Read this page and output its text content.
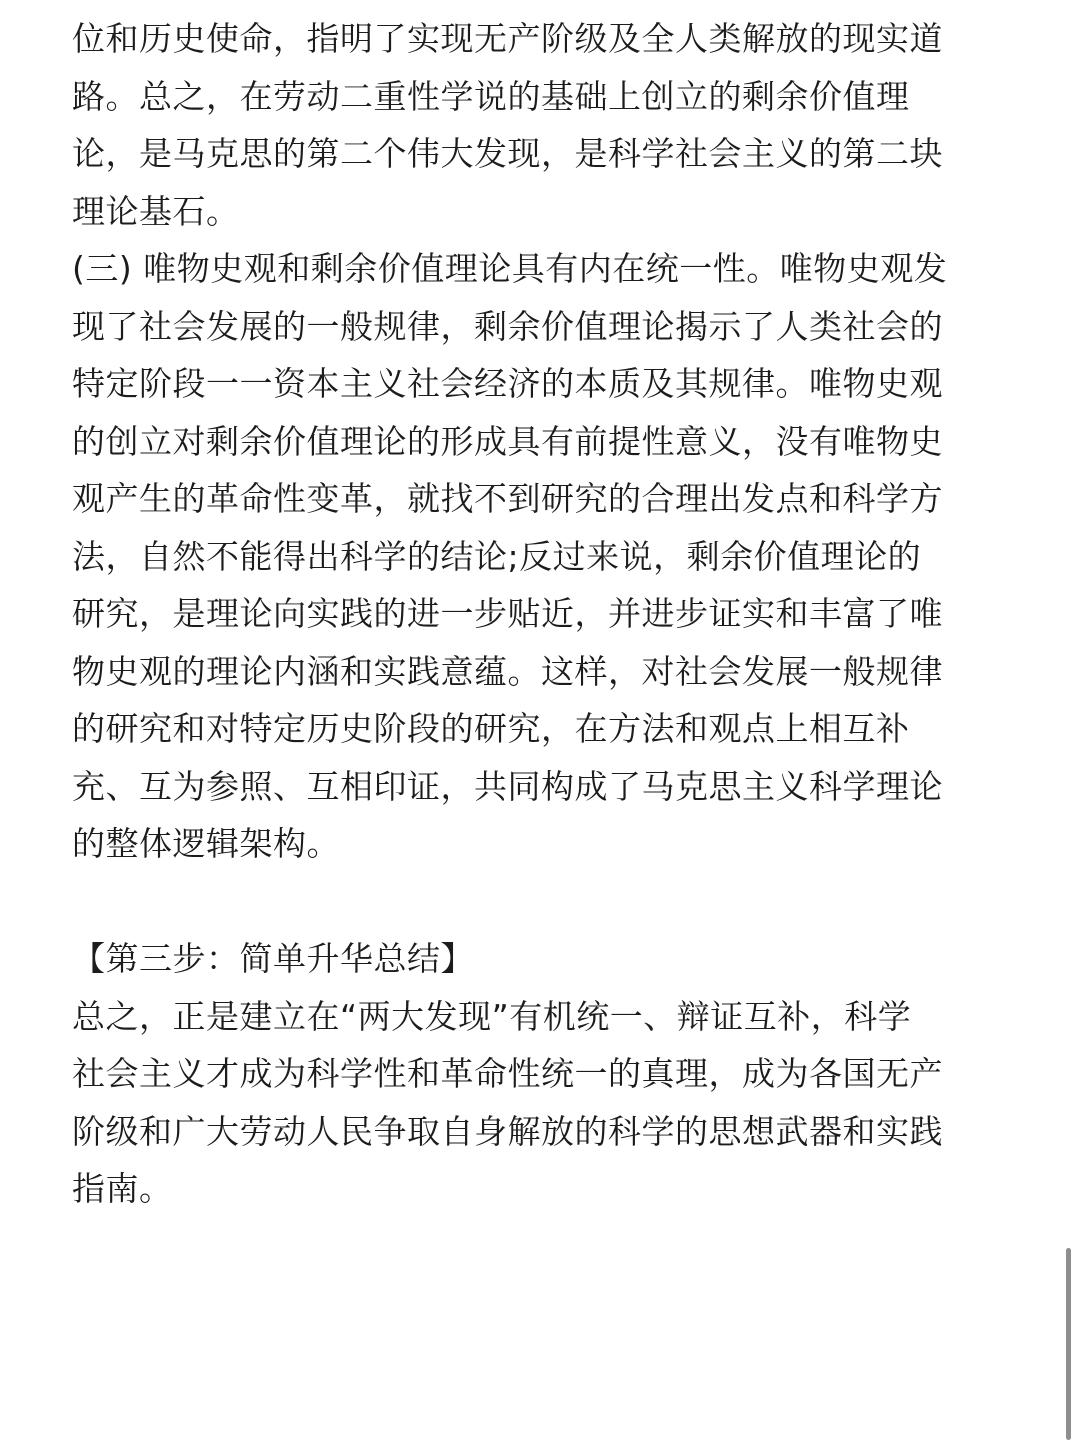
位和历史使命，指明了实现无产阶级及全人类解放的现实道
路。总之，在劳动二重性学说的基础上创立的剩余价值理
论，是马克思的第二个伟大发现，是科学社会主义的第二块
理论基石。
(三) 唯物史观和剩余价值理论具有内在统一性。唯物史观发
现了社会发展的一般规律，剩余价值理论揭示了人类社会的
特定阶段一一资本主义社会经济的本质及其规律。唯物史观
的创立对剩余价值理论的形成具有前提性意义，没有唯物史
观产生的革命性变革，就找不到研究的合理出发点和科学方
法，自然不能得出科学的结论;反过来说，剩余价值理论的
研究，是理论向实践的进一步贴近，并进步证实和丰富了唯
物史观的理论内涵和实践意蕴。这样，对社会发展一般规律
的研究和对特定历史阶段的研究，在方法和观点上相互补
充、互为参照、互相印证，共同构成了马克思主义科学理论
的整体逻辑架构。
【第三步：简单升华总结】
总之，正是建立在“两大发现”有机统一、辩证互补，科学
社会主义才成为科学性和革命性统一的真理，成为各国无产
阶级和广大劳动人民争取自身解放的科学的思想武器和实践
指南。
